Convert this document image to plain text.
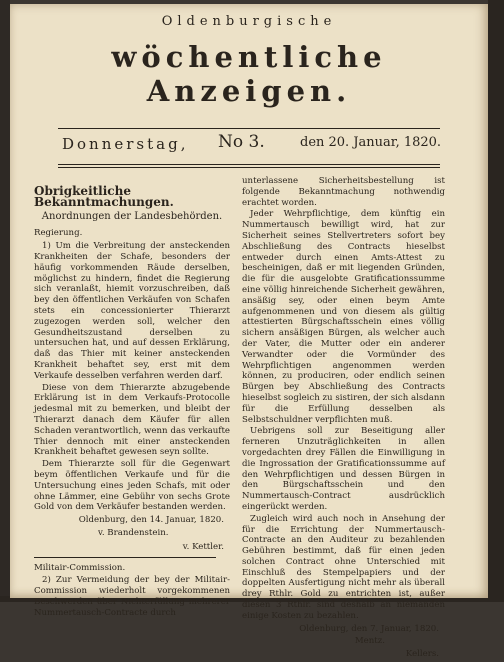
Oldenburgische
wöchentliche Anzeigen.
Donnerstag, No 3.	den 20. Januar, 1820.
Obrigkeitliche Bekanntmachungen.
Anordnungen der Landesbehörden.
Regierung.

1) Um die Verbreitung der ansteckenden Krankheiten der Schafe, besonders der häufig vorkommenden Räude derselben, möglichst zu hindern, findet die Regierung sich veranlaßt, hiemit vorzuschreiben, daß bey den öffentlichen Verkäufen von Schafen stets ein concessionierter Thierarzt zugezogen werden soll, welcher den Gesundheitszustand derselben zu untersuchen hat, und auf dessen Erklärung, daß das Thier mit keiner ansteckenden Krankheit behaftet sey, erst mit dem Verkaufe desselben verfahren werden darf.

Diese von dem Thierarzte abzugebende Erklärung ist in dem Verkaufs-Protocolle jedesmal mit zu bemerken, und bleibt der Thierarzt danach dem Käufer für allen Schaden verantwortlich, wenn das verkaufte Thier dennoch mit einer ansteckenden Krankheit behaftet gewesen seyn sollte.

Dem Thierarzte soll für die Gegenwart beym öffentlichen Verkaufe und für die Untersuchung eines jeden Schafs, mit oder ohne Lämmer, eine Gebühr von sechs Grote Gold von dem Verkäufer bestanden werden.

Oldenburg, den 14. Januar, 1820.
v. Brandenstein.
v. Kettler.
Militair-Commission.

2) Zur Vermeidung der bey der Militair-Commission wiederholt vorgekommenen Beschwerden über Nichterfüllung mehrerer Nummertausch-Contracte durch

unterlassene Sicherheitsbestellung ist folgende Bekanntmachung nothwendig erachtet worden.

Jeder Wehrpflichtige, dem künftig ein Nummertausch bewilligt wird, hat zur Sicherheit seines Stellvertreters sofort bey Abschließung des Contracts hieselbst entweder durch einen Amts-Attest zu bescheinigen, daß er mit liegenden Gründen, die für die ausgelobte Gratificationssumme eine völlig hinreichende Sicherheit gewähren, ansäßig sey, oder einen beym Amte aufgenommenen und von diesem als gültig attestierten Bürgschaftsschein eines völlig sichern ansäßigen Bürgen, als welcher auch der Vater, die Mutter oder ein anderer Verwandter oder die Vormünder des Wehrpflichtigen angenommen werden können, zu produciren, oder endlich seinen Bürgen bey Abschließung des Contracts hieselbst sogleich zu sistiren, der sich alsdann für die Erfüllung desselben als Selbstschuldner verpflichten muß.

Uebrigens soll zur Beseitigung aller ferneren Unzuträglichkeiten in allen vorgedachten drey Fällen die Einwilligung in die Ingrossation der Gratificationssumme auf den Wehrpflichtigen und dessen Bürgen in den Bürgschaftsschein und den Nummertausch-Contract ausdrücklich eingerückt werden.

Zugleich wird auch noch in Ansehung der für die Errichtung der Nummertausch-Contracte an den Auditeur zu bezahlenden Gebühren bestimmt, daß für einen jeden solchen Contract ohne Unterschied mit Einschluß des Stempelpapiers und der doppelten Ausfertigung nicht mehr als überall drey Rthlr. Gold zu entrichten ist, außer diesen 3 Rthlr. sind deshalb an niemanden einige Kosten zu bezahlen.

Oldenburg, den 7. Januar, 1820.
Mentz.
Kellers.
